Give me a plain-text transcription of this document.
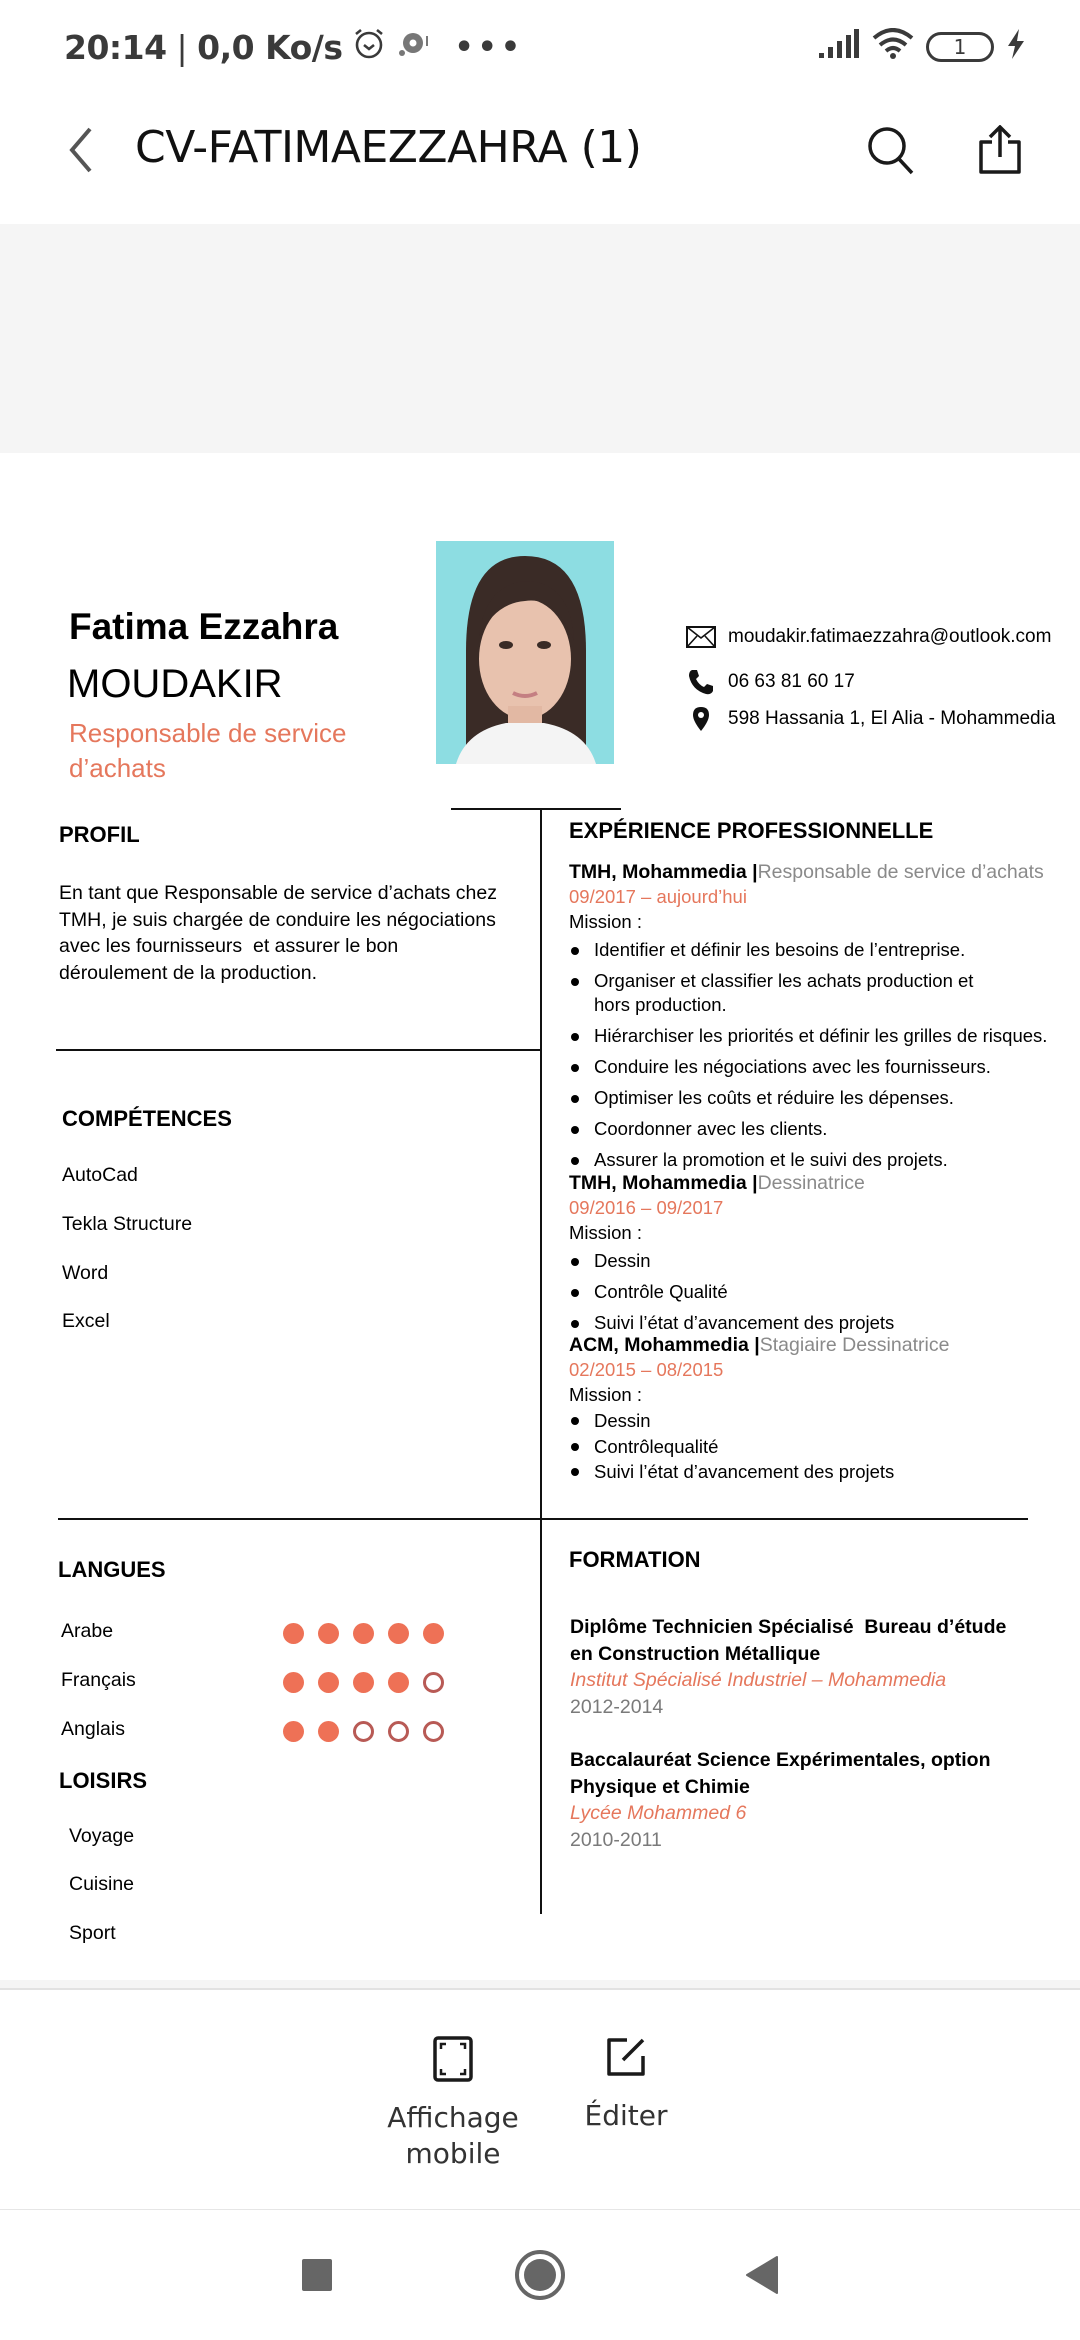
20:14 | 0,0 Ko/s	•••	1
CV-FATIMAEZZAHRA (1)
Fatima Ezzahra
MOUDAKIR
Responsable de service d’achats
moudakir.fatimaezzahra@outlook.com
06 63 81 60 17
598 Hassania 1, El Alia - Mohammedia
PROFIL
En tant que Responsable de service d’achats chez
TMH, je suis chargée de conduire les négociations
avec les fournisseurs  et assurer le bon
déroulement de la production.
COMPÉTENCES
AutoCad
Tekla Structure
Word
Excel
EXPÉRIENCE PROFESSIONNELLE
TMH, Mohammedia |Responsable de service d’achats
09/2017 – aujourd’hui
Mission :
Identifier et définir les besoins de l’entreprise.
Organiser et classifier les achats production et hors production.
Hiérarchiser les priorités et définir les grilles de risques.
Conduire les négociations avec les fournisseurs.
Optimiser les coûts et réduire les dépenses.
Coordonner avec les clients.
Assurer la promotion et le suivi des projets.
TMH, Mohammedia |Dessinatrice
09/2016 – 09/2017
Mission :
Dessin
Contrôle Qualité
Suivi l’état d’avancement des projets
ACM, Mohammedia |Stagiaire Dessinatrice
02/2015 – 08/2015
Mission :
Dessin
Contrôlequalité
Suivi l’état d’avancement des projets
LANGUES
Arabe
Français
Anglais
LOISIRS
Voyage
Cuisine
Sport
FORMATION
Diplôme Technicien Spécialisé  Bureau d’étude
en Construction Métallique
Institut Spécialisé Industriel – Mohammedia
2012-2014
Baccalauréat Science Expérimentales, option
Physique et Chimie
Lycée Mohammed 6
2010-2011
Affichage
mobile
Éditer
